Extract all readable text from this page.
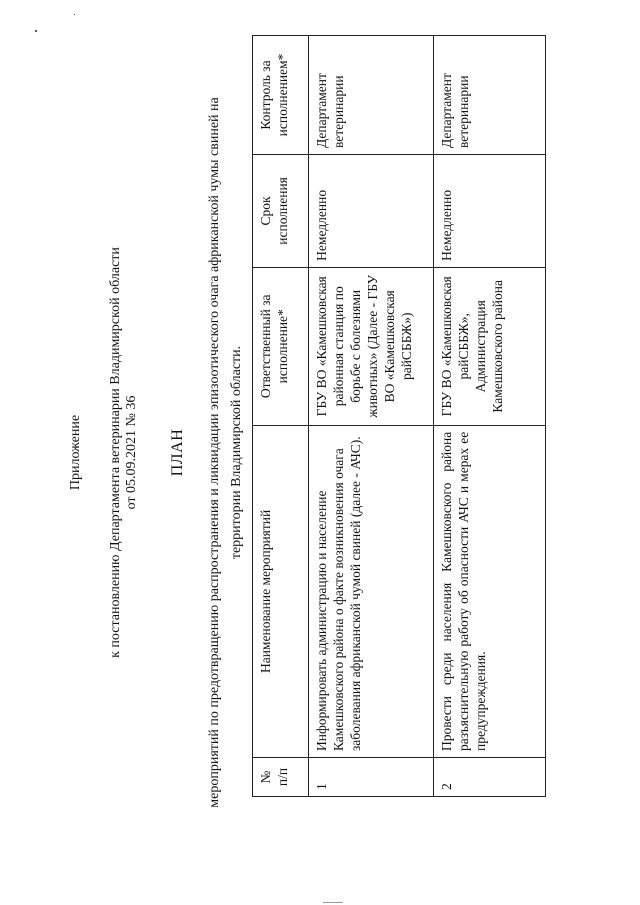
Приложение к постановлению Департамента ветеринарии Владимирской области от 05.09.2021 № 36 ПЛАН мероприятий по предотвращению распространения и ликвидации эпизоотического очага африканской чумы свиней на территории Владимирской области.
№ п/п	Наименование мероприятий	Ответственный за исполнение*	Срок исполнения	Контроль за исполнением*
1	Информировать администрацию и население Камешковского района о факте возникновения очага заболевания африканской чумой свиней (далее - АЧС).	ГБУ ВО «Камешковская районная станция по борьбе с болезнями животных» (Далее - ГБУ ВО «Камешковская райСББЖ»)	Немедленно	Департамент ветеринарии
2	Провести среди населения Камешковского района разъяснительную работу об опасности АЧС и мерах ее предупреждения.	ГБУ ВО «Камешковская райСББЖ», Администрация Камешковского района	Немедленно	Департамент ветеринарии
